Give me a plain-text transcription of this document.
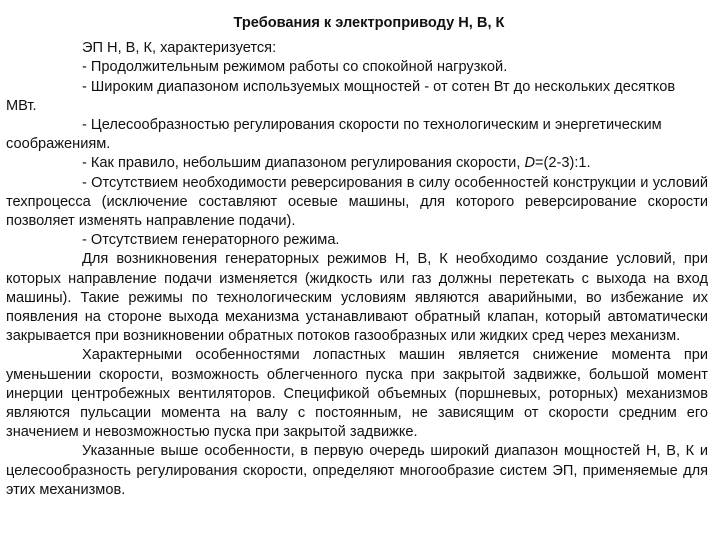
Требования к электроприводу Н, В, К

ЭП Н, В, К, характеризуется:

- Продолжительным режимом работы со спокойной нагрузкой.

- Широким диапазоном используемых мощностей - от сотен Вт до нескольких десятков МВт.

- Целесообразностью регулирования скорости по технологическим и энергетическим соображениям.

- Как правило, небольшим диапазоном регулирования скорости, D=(2-3):1.

- Отсутствием необходимости реверсирования в силу особенностей конструкции и условий техпроцесса (исключение составляют осевые машины, для которого реверсирование скорости позволяет изменять направление подачи).

- Отсутствием генераторного режима.

Для возникновения генераторных режимов Н, В, К необходимо создание условий, при которых направление подачи изменяется (жидкость или газ должны перетекать с выхода на вход машины). Такие режимы по технологическим условиям являются аварийными, во избежание их появления на стороне выхода механизма устанавливают обратный клапан, который автоматически закрывается при возникновении обратных потоков газообразных или жидких сред через механизм.

Характерными особенностями лопастных машин является снижение момента при уменьшении скорости, возможность облегченного пуска при закрытой задвижке, большой момент инерции центробежных вентиляторов. Спецификой объемных (поршневых, роторных) механизмов являются пульсации момента на валу с постоянным, не зависящим от скорости средним его значением и невозможностью пуска при закрытой задвижке.

Указанные выше особенности, в первую очередь широкий диапазон мощностей Н, В, К и целесообразность регулирования скорости, определяют многообразие систем ЭП, применяемые для этих механизмов.
